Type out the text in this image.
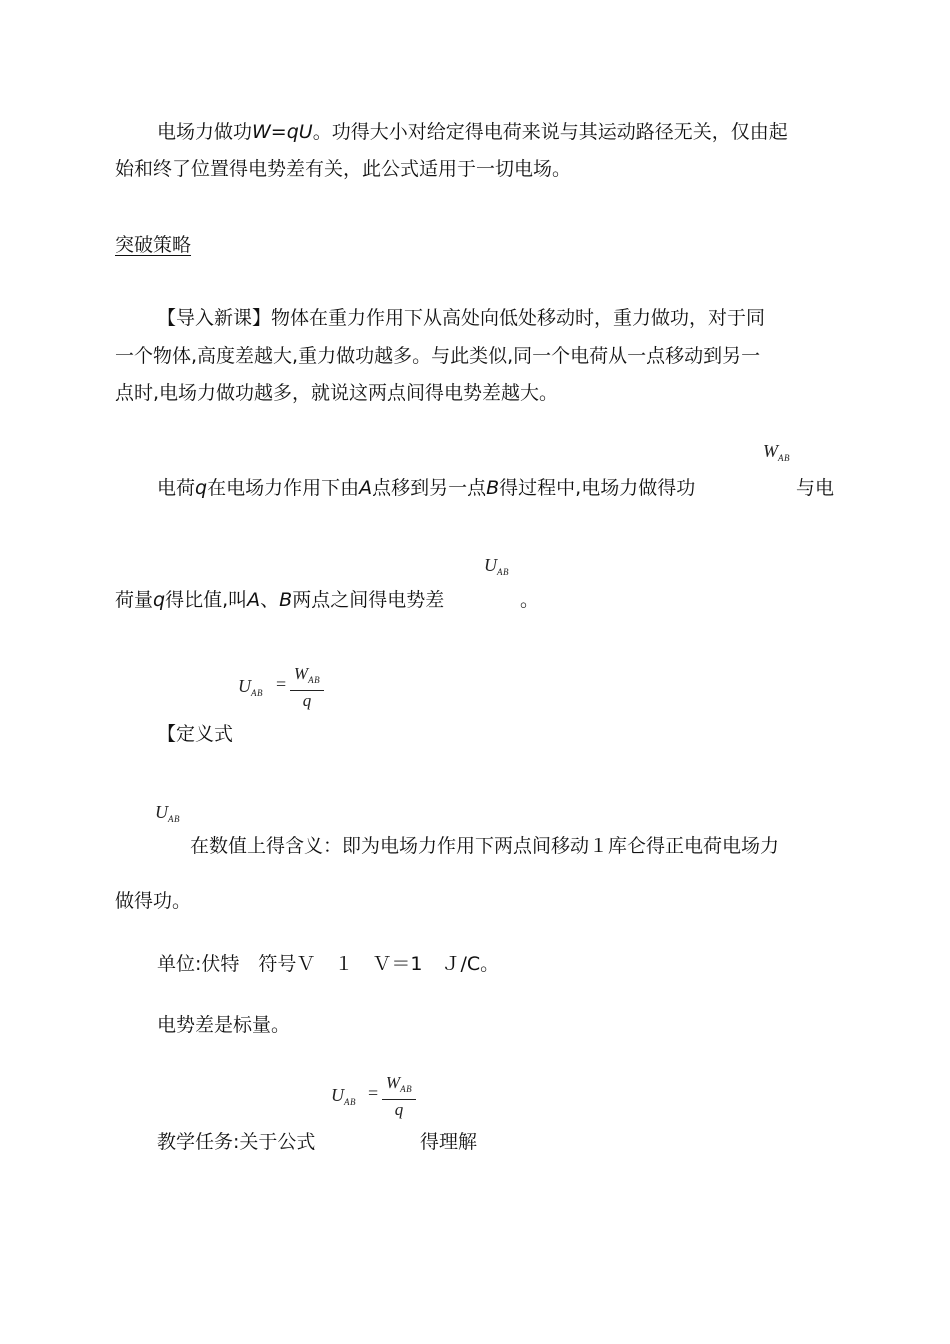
电场力做功W=qU。功得大小对给定得电荷来说与其运动路径无关，仅由起
始和终了位置得电势差有关，此公式适用于一切电场。
突破策略
【导入新课】物体在重力作用下从高处向低处移动时，重力做功，对于同
一个物体,高度差越大,重力做功越多。与此类似,同一个电荷从一点移动到另一
点时,电场力做功越多，就说这两点间得电势差越大。
$W_{AB}$
电荷q在电场力作用下由A点移到另一点B得过程中,电场力做得功	与电
$U_{AB}$
荷量q得比值,叫A、B两点之间得电势差	。
$U_{AB}$ =
$W_{AB}$
q
【定义式
$U_{AB}$
在数值上得含义：即为电场力作用下两点间移动１库仑得正电荷电场力
做得功。
单位:伏特　符号Ｖ　１　Ｖ＝1　Ｊ/C。
电势差是标量。
$U_{AB}$ =
$W_{AB}$
q
教学任务:关于公式	得理解
